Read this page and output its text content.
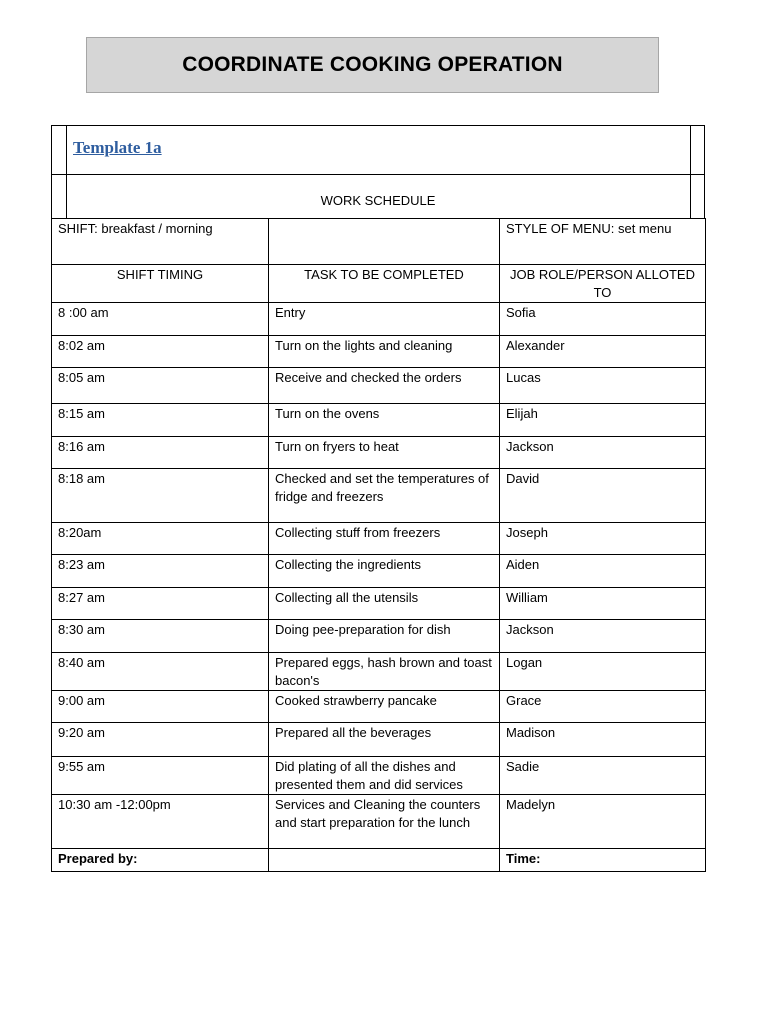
COORDINATE COOKING OPERATION
Template 1a
WORK SCHEDULE
SHIFT: breakfast / morning		STYLE OF MENU: set menu
SHIFT TIMING	TASK TO BE COMPLETED	JOB ROLE/PERSON ALLOTED TO
8 :00 am	Entry	Sofia
8:02 am	Turn on the lights and cleaning	Alexander
8:05 am	Receive and checked the orders	Lucas
8:15 am	Turn on the ovens	Elijah
8:16 am	Turn on fryers to heat	Jackson
8:18 am	Checked and set the temperatures of fridge and freezers	David
8:20am	Collecting stuff from freezers	Joseph
8:23 am	Collecting the ingredients	Aiden
8:27 am	Collecting all the utensils	William
8:30 am	Doing pee-preparation for dish	Jackson
8:40 am	Prepared eggs, hash brown and toast bacon's	Logan
9:00 am	Cooked strawberry pancake	Grace
9:20 am	Prepared all the beverages	Madison
9:55 am	Did plating of all the dishes and presented them and did services	Sadie
10:30 am -12:00pm	Services and Cleaning the counters and start preparation for the lunch	Madelyn
Prepared by:		Time:
